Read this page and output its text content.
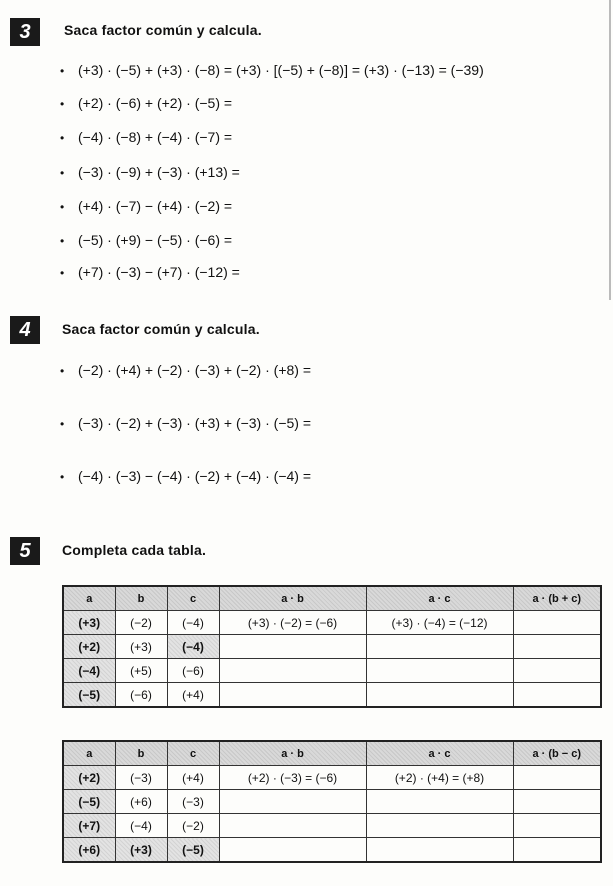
3	Saca factor común y calcula.
• (+3) · (−5) + (+3) · (−8) = (+3) · [(−5) + (−8)] = (+3) · (−13) = (−39)
• (+2) · (−6) + (+2) · (−5) =
• (−4) · (−8) + (−4) · (−7) =
• (−3) · (−9) + (−3) · (+13) =
• (+4) · (−7) − (+4) · (−2) =
• (−5) · (+9) − (−5) · (−6) =
• (+7) · (−3) − (+7) · (−12) =
4	Saca factor común y calcula.
• (−2) · (+4) + (−2) · (−3) + (−2) · (+8) =
• (−3) · (−2) + (−3) · (+3) + (−3) · (−5) =
• (−4) · (−3) − (−4) · (−2) + (−4) · (−4) =
5	Completa cada tabla.
a	b	c	a · b	a · c	a · (b + c)
(+3)	(−2)	(−4)	(+3) · (−2) = (−6)	(+3) · (−4) = (−12)	
(+2)	(+3)	(−4)			
(−4)	(+5)	(−6)			
(−5)	(−6)	(+4)			
a	b	c	a · b	a · c	a · (b − c)
(+2)	(−3)	(+4)	(+2) · (−3) = (−6)	(+2) · (+4) = (+8)	
(−5)	(+6)	(−3)			
(+7)	(−4)	(−2)			
(+6)	(+3)	(−5)			
